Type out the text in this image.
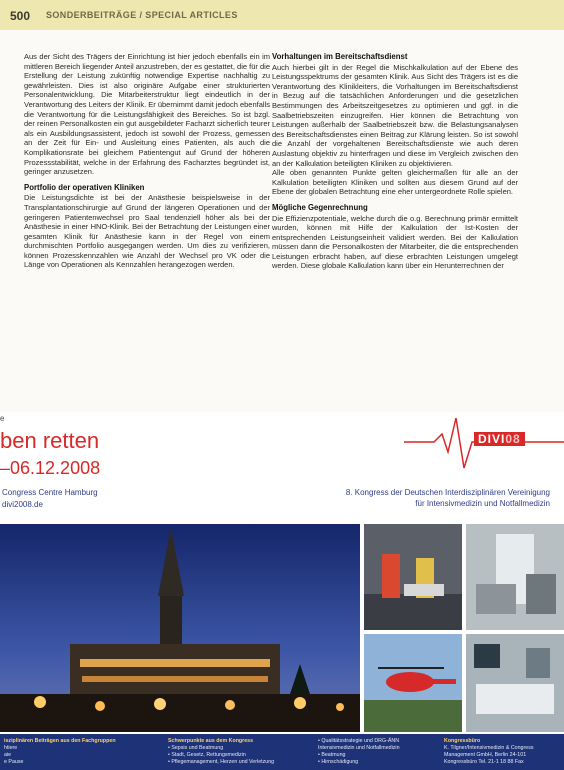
500 SONDERBEITRÄGE / SPECIAL ARTICLES

Aus der Sicht des Trägers der Einrichtung ist hier jedoch ebenfalls ein im mittleren Bereich liegender Anteil anzustreben, der es gestattet, die für die Erstellung der Leistung zukünftig notwendige Expertise nachhaltig zu gewährleisten. Dies ist also originäre Aufgabe einer strukturierten Personalentwicklung. Die Mitarbeiterstruktur liegt eindeutlich in der Verantwortung des Leiters der Klinik. Er übernimmt damit jedoch ebenfalls die Verantwortung für die Leistungsfähigkeit des Bereiches. So ist bzgl. der reinen Personalkosten ein gut ausgebildeter Facharzt sicherlich teurer als ein Ausbildungsassistent, jedoch ist sowohl der Prozess, gemessen an der Zeit für Ein- und Ausleitung eines Patienten, als auch die Komplikationsrate bei gleichem Patientengut auf Grund der höheren Prozessstabilität, welche in der Erfahrung des Facharztes begründet ist, geringer anzusetzen.

Portfolio der operativen Kliniken

Die Leistungsdichte ist bei der Anästhesie beispielsweise in der Transplantationschirurgie auf Grund der längeren Operationen und der geringeren Patientenwechsel pro Saal tendenziell höher als bei der Anästhesie in einer HNO-Klinik. Bei der Betrachtung der Leistungen einer gesamten Klinik für Anästhesie kann in der Regel von einem durchmischten Portfolio ausgegangen werden. Um dies zu verifizieren, können Prozesskennzahlen wie Anzahl der Wechsel pro VK oder die Länge von Operationen als Kennzahlen herangezogen werden.

Vorhaltungen im Bereitschaftsdienst

Auch hierbei gilt in der Regel die Mischkalkulation auf der Ebene des Leistungsspektrums der gesamten Klinik. Aus Sicht des Trägers ist es die Verantwortung des Klinikleiters, die Vorhaltungen im Bereitschaftsdienst in Bezug auf die tatsächlichen Anforderungen und die gesetzlichen Bestimmungen des Arbeitszeitgesetzes zu optimieren und ggf. in die Saalbetriebszeiten einzugreifen. Hier können die Betrachtung von Leistungen außerhalb der Saalbetriebszeit bzw. die Belastungsanalysen des Bereitschaftsdienstes einen Beitrag zur Klärung leisten. So ist sowohl die Anzahl der vorgehaltenen Bereitschaftsdienste wie auch deren Auslastung objektiv zu hinterfragen und diese im Vergleich zwischen den an der Kalkulation beteiligten Kliniken zu objektivieren.

Alle oben genannten Punkte gelten gleichermaßen für alle an der Kalkulation beteiligten Kliniken und sollten aus diesem Grund auf der Ebene der globalen Betrachtung eine eher untergeordnete Rolle spielen.

Mögliche Gegenrechnung

Die Effizienzpotentiale, welche durch die o.g. Berechnung primär ermittelt wurden, können mit Hilfe der Kalkulation der Ist-Kosten der entsprechenden Leistungseinheit validiert werden. Bei der Kalkulation müssen dann die Personalkosten der Mitarbeiter, die die entsprechenden Leistungen erbracht haben, auf diese erbrachten Leistungen umgelegt werden. Diese globale Kalkulation kann über ein Herunterrechnen der

e
ben retten
–06.12.2008
Congress Centre Hamburg
divi2008.de
DIVI08
8. Kongress der Deutschen Interdisziplinären Vereinigung
für Intensivmedizin und Notfallmedizin
isziplinären Beiträgen aus den Fachgruppen
htiere
aie
e Pause
Schwerpunkte aus dem Kongress
• Sepsis und Beatmung
• Stadt, Gesetz, Rettungsmedizin
• Pflegemanagement, Herzen und Verletzung
• Qualitätsstrategie und DRG-ÄNN
Intensivmedizin und Notfallmedizin
• Beatmung
• Hirnschädigung
Kongressbüro
K. Tilgner/Intensivmedizin & Congress
Management GmbH, Berlin 24-101
Kongressbüro Tel. 21-1 18 88 Fax
